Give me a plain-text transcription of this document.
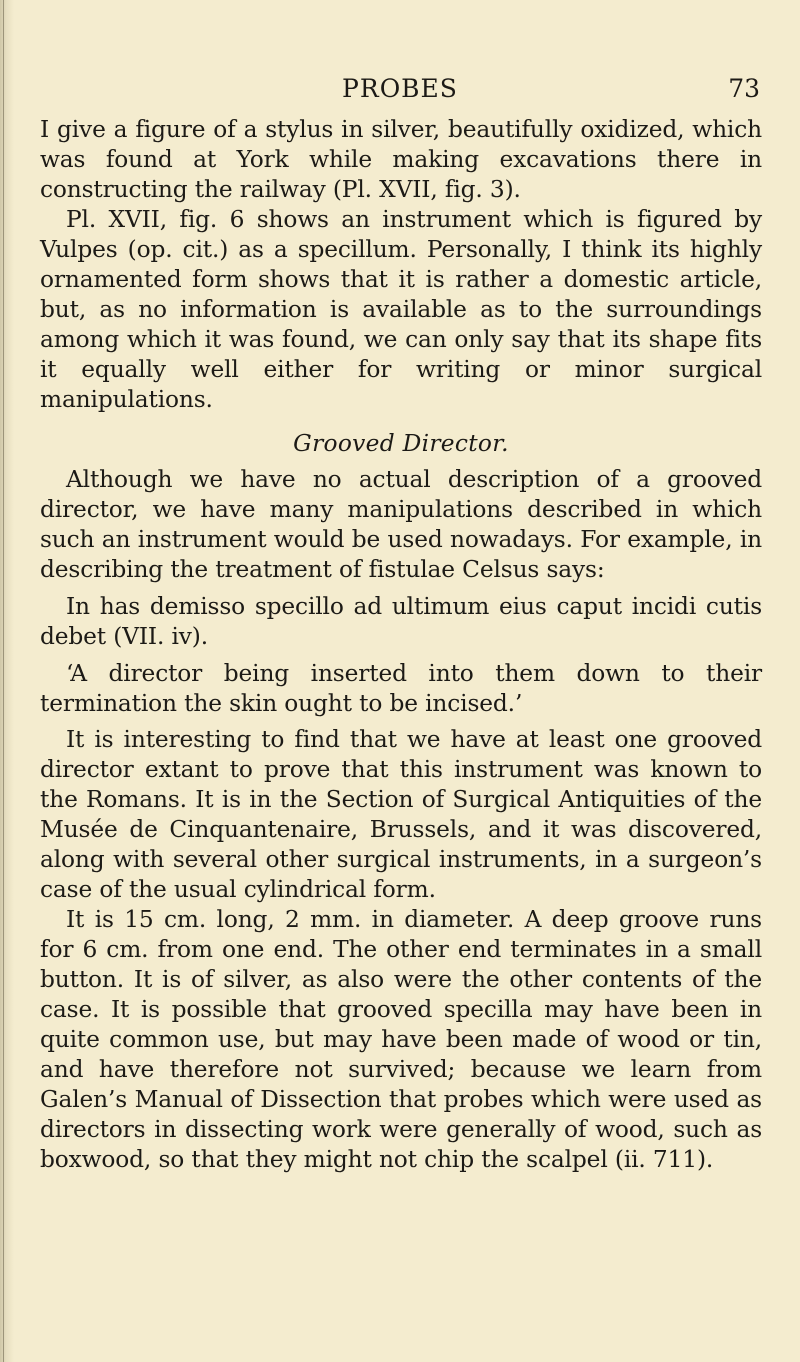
PROBES	73

I give a figure of a stylus in silver, beautifully oxidized, which was found at York while making excavations there in constructing the railway (Pl. XVII, fig. 3).

Pl. XVII, fig. 6 shows an instrument which is figured by Vulpes (op. cit.) as a specillum. Personally, I think its highly ornamented form shows that it is rather a domestic article, but, as no information is available as to the surroundings among which it was found, we can only say that its shape fits it equally well either for writing or minor surgical manipulations.

Grooved Director.

Although we have no actual description of a grooved director, we have many manipulations described in which such an instrument would be used nowadays. For example, in describing the treatment of fistulae Celsus says:

In has demisso specillo ad ultimum eius caput incidi cutis debet (VII. iv).

‘A director being inserted into them down to their termination the skin ought to be incised.’

It is interesting to find that we have at least one grooved director extant to prove that this instrument was known to the Romans. It is in the Section of Surgical Antiquities of the Musée de Cinquantenaire, Brussels, and it was discovered, along with several other surgical instruments, in a surgeon’s case of the usual cylindrical form.

It is 15 cm. long, 2 mm. in diameter. A deep groove runs for 6 cm. from one end. The other end terminates in a small button. It is of silver, as also were the other contents of the case. It is possible that grooved specilla may have been in quite common use, but may have been made of wood or tin, and have therefore not survived; because we learn from Galen’s Manual of Dissection that probes which were used as directors in dissecting work were generally of wood, such as boxwood, so that they might not chip the scalpel (ii. 711).
